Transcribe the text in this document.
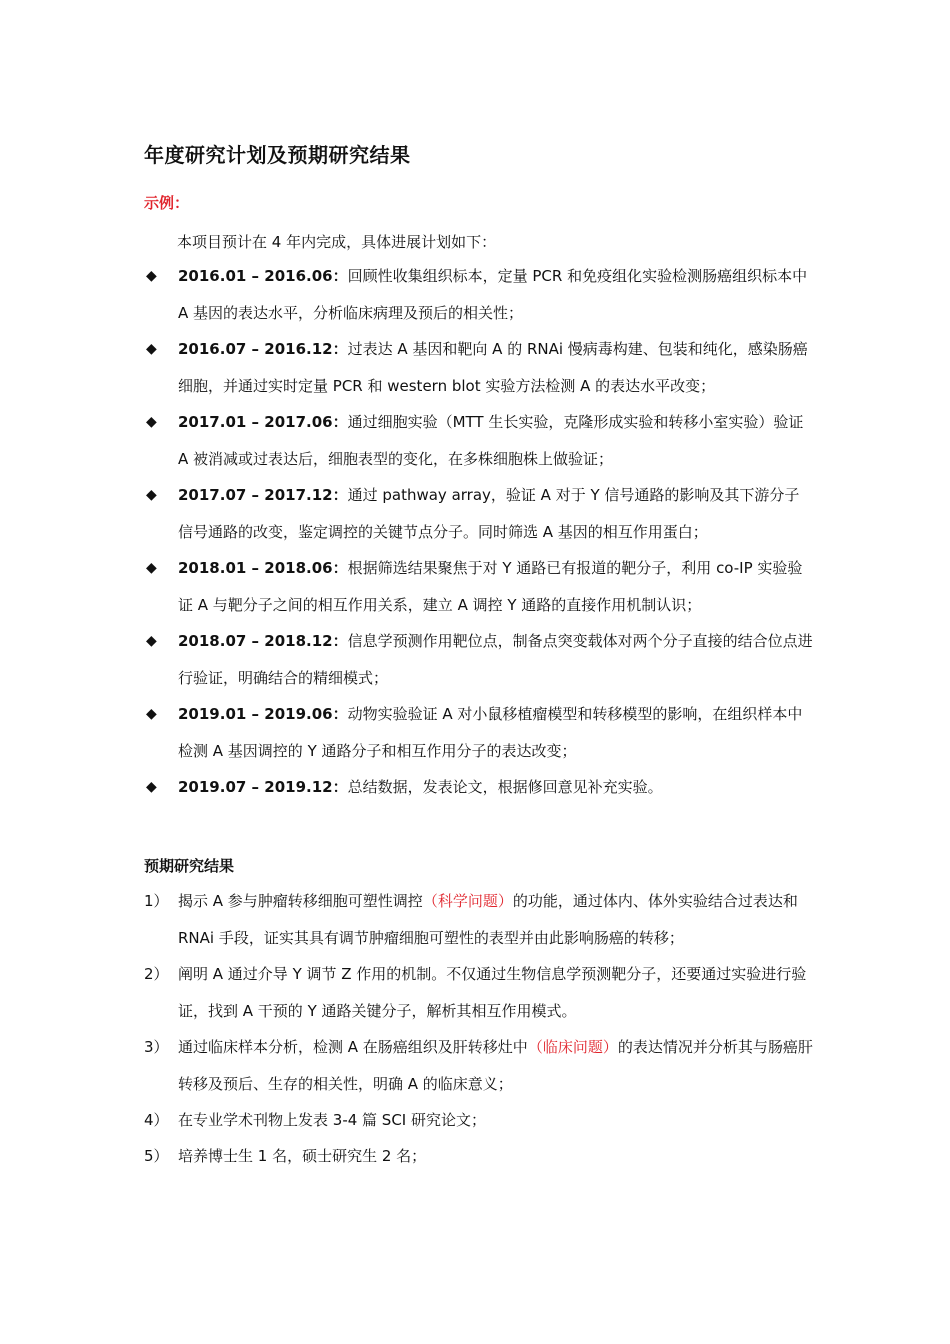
年度研究计划及预期研究结果
示例：
本项目预计在 4 年内完成，具体进展计划如下：
◆ 2016.01 – 2016.06：回顾性收集组织标本，定量 PCR 和免疫组化实验检测肠癌组织标本中 A 基因的表达水平，分析临床病理及预后的相关性；
◆ 2016.07 – 2016.12：过表达 A 基因和靶向 A 的 RNAi 慢病毒构建、包装和纯化，感染肠癌细胞，并通过实时定量 PCR 和 western blot 实验方法检测 A 的表达水平改变；
◆ 2017.01 – 2017.06：通过细胞实验（MTT 生长实验，克隆形成实验和转移小室实验）验证 A 被消减或过表达后，细胞表型的变化，在多株细胞株上做验证；
◆ 2017.07 – 2017.12：通过 pathway array，验证 A 对于 Y 信号通路的影响及其下游分子信号通路的改变，鉴定调控的关键节点分子。同时筛选 A 基因的相互作用蛋白；
◆ 2018.01 – 2018.06：根据筛选结果聚焦于对 Y 通路已有报道的靶分子，利用 co-IP 实验验证 A 与靶分子之间的相互作用关系，建立 A 调控 Y 通路的直接作用机制认识；
◆ 2018.07 – 2018.12：信息学预测作用靶位点，制备点突变载体对两个分子直接的结合位点进行验证，明确结合的精细模式；
◆ 2019.01 – 2019.06：动物实验验证 A 对小鼠移植瘤模型和转移模型的影响，在组织样本中检测 A 基因调控的 Y 通路分子和相互作用分子的表达改变；
◆ 2019.07 – 2019.12：总结数据，发表论文，根据修回意见补充实验。
预期研究结果
1） 揭示 A 参与肿瘤转移细胞可塑性调控（科学问题）的功能，通过体内、体外实验结合过表达和 RNAi 手段，证实其具有调节肿瘤细胞可塑性的表型并由此影响肠癌的转移；
2） 阐明 A 通过介导 Y 调节 Z 作用的机制。不仅通过生物信息学预测靶分子，还要通过实验进行验证，找到 A 干预的 Y 通路关键分子，解析其相互作用模式。
3） 通过临床样本分析，检测 A 在肠癌组织及肝转移灶中（临床问题）的表达情况并分析其与肠癌肝转移及预后、生存的相关性，明确 A 的临床意义；
4） 在专业学术刊物上发表 3-4 篇 SCI 研究论文；
5） 培养博士生 1 名，硕士研究生 2 名；
